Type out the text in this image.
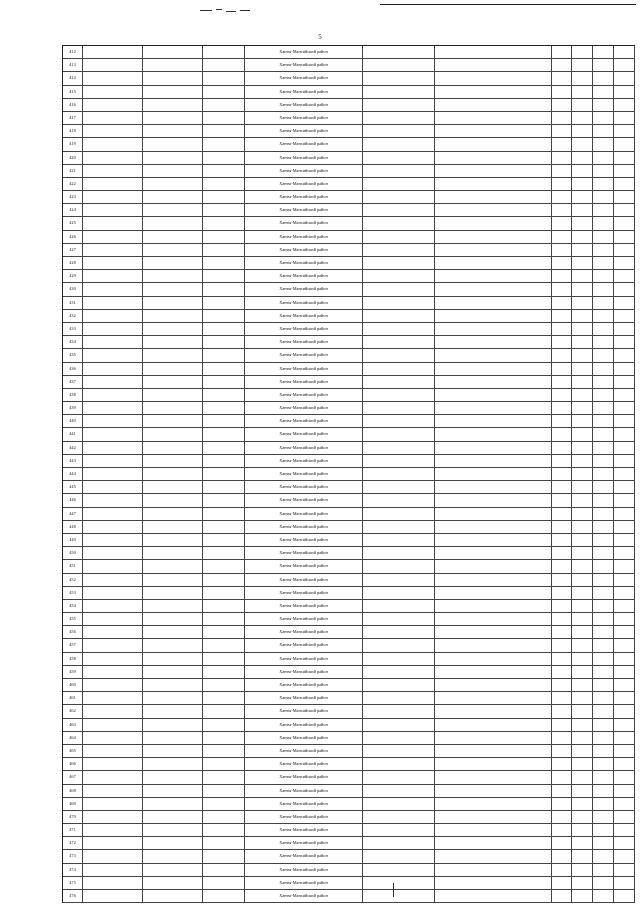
5
412	Ханты-Мансийский район
413	Ханты-Мансийский район
414	Ханты-Мансийский район
415	Ханты-Мансийский район
416	Ханты-Мансийский район
417	Ханты-Мансийский район
418	Ханты-Мансийский район
419	Ханты-Мансийский район
420	Ханты-Мансийский район
421	Ханты-Мансийский район
422	Ханты-Мансийский район
423	Ханты-Мансийский район
424	Ханты-Мансийский район
425	Ханты-Мансийский район
426	Ханты-Мансийский район
427	Ханты-Мансийский район
428	Ханты-Мансийский район
429	Ханты-Мансийский район
430	Ханты-Мансийский район
431	Ханты-Мансийский район
432	Ханты-Мансийский район
433	Ханты-Мансийский район
434	Ханты-Мансийский район
435	Ханты-Мансийский район
436	Ханты-Мансийский район
437	Ханты-Мансийский район
438	Ханты-Мансийский район
439	Ханты-Мансийский район
440	Ханты-Мансийский район
441	Ханты-Мансийский район
442	Ханты-Мансийский район
443	Ханты-Мансийский район
444	Ханты-Мансийский район
445	Ханты-Мансийский район
446	Ханты-Мансийский район
447	Ханты-Мансийский район
448	Ханты-Мансийский район
449	Ханты-Мансийский район
450	Ханты-Мансийский район
451	Ханты-Мансийский район
452	Ханты-Мансийский район
453	Ханты-Мансийский район
454	Ханты-Мансийский район
455	Ханты-Мансийский район
456	Ханты-Мансийский район
457	Ханты-Мансийский район
458	Ханты-Мансийский район
459	Ханты-Мансийский район
460	Ханты-Мансийский район
461	Ханты-Мансийский район
462	Ханты-Мансийский район
463	Ханты-Мансийский район
464	Ханты-Мансийский район
465	Ханты-Мансийский район
466	Ханты-Мансийский район
467	Ханты-Мансийский район
468	Ханты-Мансийский район
469	Ханты-Мансийский район
470	Ханты-Мансийский район
471	Ханты-Мансийский район
472	Ханты-Мансийский район
473	Ханты-Мансийский район
474	Ханты-Мансийский район
475	Ханты-Мансийский район
476	Ханты-Мансийский район
